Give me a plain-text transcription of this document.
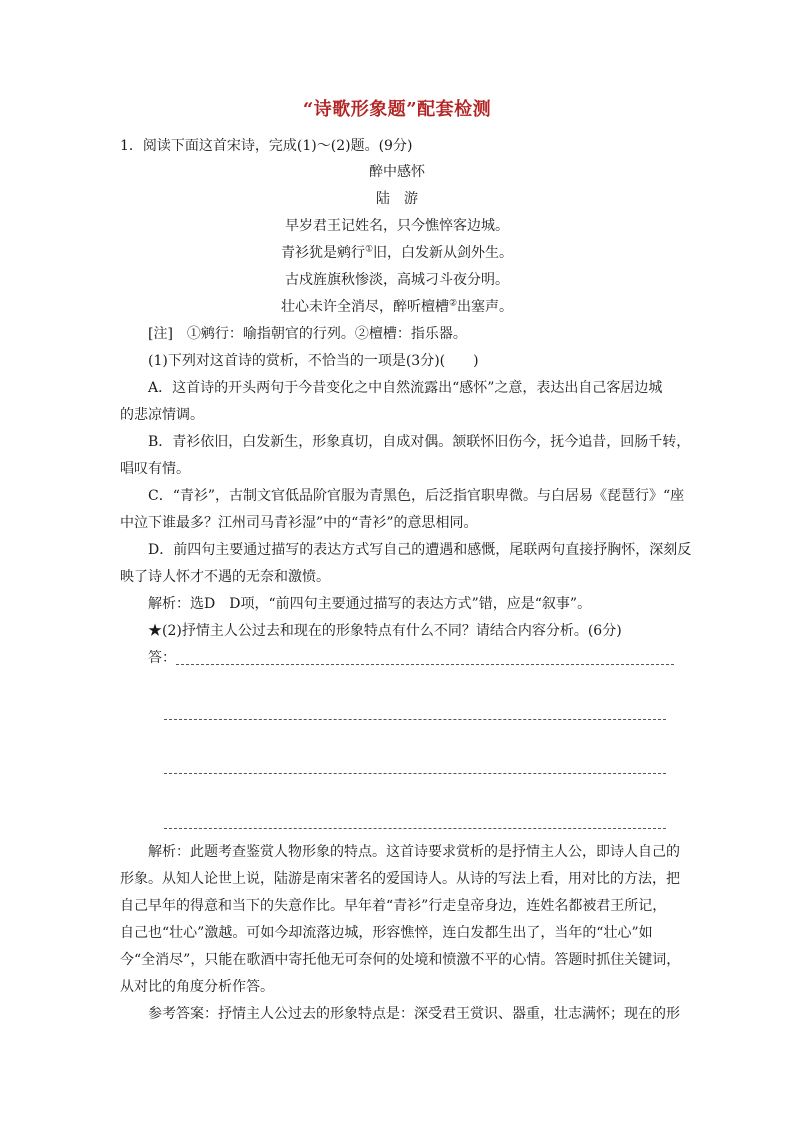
“诗歌形象题”配套检测
1．阅读下面这首宋诗，完成(1)～(2)题。(9分)
醉中感怀
陆　游
早岁君王记姓名，只今憔悴客边城。
青衫犹是鹓行①旧，白发新从剑外生。
古戍旌旗秋惨淡，高城刁斗夜分明。
壮心未许全消尽，醉听檀槽②出塞声。
[注]　①鹓行：喻指朝官的行列。②檀槽：指乐器。
(1)下列对这首诗的赏析，不恰当的一项是(3分)(　　)
A．这首诗的开头两句于今昔变化之中自然流露出“感怀”之意，表达出自己客居边城
的悲凉情调。
B．青衫依旧，白发新生，形象真切，自成对偶。颔联怀旧伤今，抚今追昔，回肠千转，
唱叹有情。
C．“青衫”，古制文官低品阶官服为青黑色，后泛指官职卑微。与白居易《琵琶行》“座
中泣下谁最多？江州司马青衫湿”中的“青衫”的意思相同。
D．前四句主要通过描写的表达方式写自己的遭遇和感慨，尾联两句直接抒胸怀，深刻反
映了诗人怀才不遇的无奈和激愤。
解析：选D　D项，“前四句主要通过描写的表达方式”错，应是“叙事”。
★(2)抒情主人公过去和现在的形象特点有什么不同？请结合内容分析。(6分)
答：
解析：此题考查鉴赏人物形象的特点。这首诗要求赏析的是抒情主人公，即诗人自己的
形象。从知人论世上说，陆游是南宋著名的爱国诗人。从诗的写法上看，用对比的方法，把
自己早年的得意和当下的失意作比。早年着“青衫”行走皇帝身边，连姓名都被君王所记，
自己也“壮心”激越。可如今却流落边城，形容憔悴，连白发都生出了，当年的“壮心”如
今“全消尽”，只能在歌酒中寄托他无可奈何的处境和愤激不平的心情。答题时抓住关键词，
从对比的角度分析作答。
参考答案：抒情主人公过去的形象特点是：深受君王赏识、器重，壮志满怀；现在的形
